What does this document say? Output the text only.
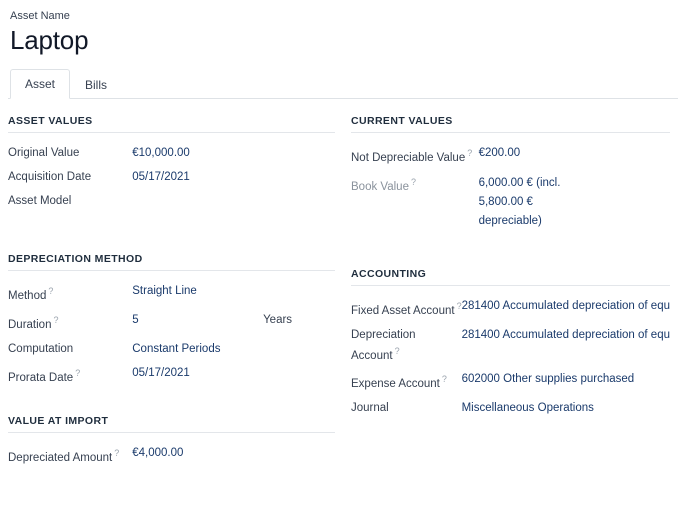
Asset Name
Laptop
Asset	Bills
ASSET VALUES
Original Value	€10,000.00
Acquisition Date	05/17/2021
Asset Model	
DEPRECIATION METHOD
Method ?	Straight Line	
Duration ?	5	Years
Computation	Constant Periods	
Prorata Date ?	05/17/2021	
VALUE AT IMPORT
Depreciated Amount ?	€4,000.00
CURRENT VALUES
Not Depreciable Value ?	€200.00
Book Value ?	6,000.00 € (incl.
5,800.00 €
depreciable)
ACCOUNTING
Fixed Asset Account ?	281400 Accumulated depreciation of equ
Depreciation Account ?	281400 Accumulated depreciation of equ
Expense Account ?	602000 Other supplies purchased
Journal	Miscellaneous Operations
